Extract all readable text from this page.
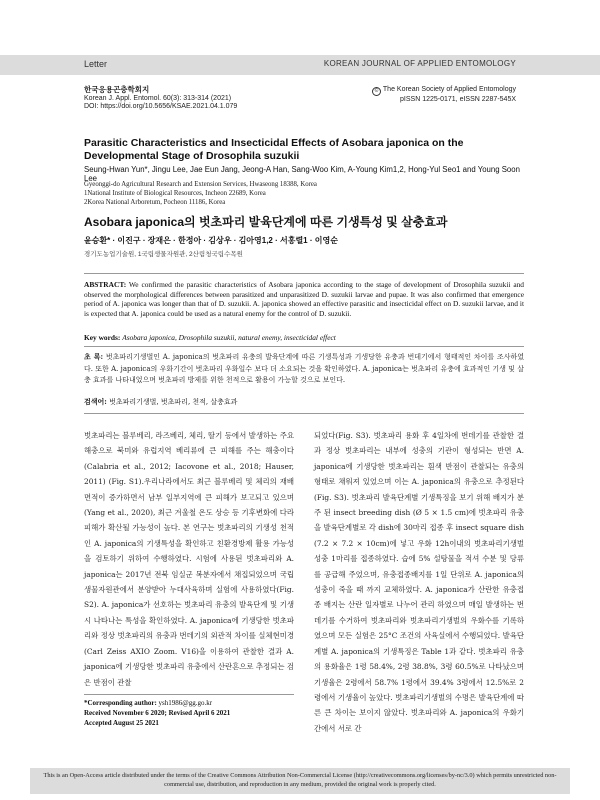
Letter	KOREAN JOURNAL OF APPLIED ENTOMOLOGY
한국응용곤충학회지
Korean J. Appl. Entomol. 60(3): 313-314 (2021)
DOI: https://doi.org/10.5656/KSAE.2021.04.1.079
© The Korean Society of Applied Entomology
pISSN 1225-0171, eISSN 2287-545X
Parasitic Characteristics and Insecticidal Effects of Asobara japonica on the Developmental Stage of Drosophila suzukii
Seung-Hwan Yun*, Jingu Lee, Jae Eun Jang, Jeong-A Han, Sang-Woo Kim, A-Young Kim1,2, Hong-Yul Seo1 and Young Soon Lee
Gyeonggi-do Agricultural Research and Extension Services, Hwaseong 18388, Korea
1National Institute of Biological Resources, Incheon 22689, Korea
2Korea National Arboretum, Pocheon 11186, Korea
Asobara japonica의 벗초파리 발육단계에 따른 기생특성 및 살충효과
윤승환* · 이진구 · 장재은 · 한정아 · 김상우 · 김아영1,2 · 서홍렬1 · 이영순
경기도농업기술원, 1국립생물자원관, 2산림청국립수목원
ABSTRACT: We confirmed the parasitic characteristics of Asobara japonica according to the stage of development of Drosophila suzukii and observed the morphological differences between parasitized and unparasitized D. suzukii larvae and pupae. It was also confirmed that emergence period of A. japonica was longer than that of D. suzukii. A. japonica showed an effective parasitic and insecticidal effect on D. suzukii larvae, and it is expected that A. japonica could be used as a natural enemy for the control of D. suzukii.
Key words: Asobara japonica, Drosophila suzukii, natural enemy, insecticidal effect
초 록: 벗초파리기생벌인 A. japonica의 벗초파리 유충의 발육단계에 따른 기생특성과 기생당한 유충과 번데기에서 형태적인 차이를 조사하였다. 또한 A. japonica의 우화기간이 벗초파리 우화일수 보다 더 소요되는 것을 확인하였다. A. japonica는 벗초파리 유충에 효과적인 기생 및 살충 효과를 나타내었으며 벗초파리 방제를 위한 천적으로 활용이 가능할 것으로 보인다.
검색어: 벗초파리기생벌, 벗초파리, 천적, 살충효과
벗초파리는 블루베리, 라즈베리, 체리, 딸기 등에서 발생하는 주요 해충으로 북미와 유럽지역 베리류에 큰 피해를 주는 해충이다(Calabria et al., 2012; Iacovone et al., 2018; Hauser, 2011) (Fig. S1).우리나라에서도 최근 블루베리 및 체리의 재배면적이 증가하면서 남부 일부지역에 큰 피해가 보고되고 있으며(Yang et al., 2020), 최근 겨울철 온도 상승 등 기후변화에 다라 피해가 확산될 가능성이 높다. 본 연구는 벗초파리의 기생성 천적인 A. japonica의 기생특성을 확인하고 친환경방제 활용 가능성을 검토하기 위하여 수행하였다. 시험에 사용된 벗초파리와 A. japonica는 2017년 전북 임실군 복분자에서 채집되었으며 국립생물자원관에서 분양받아 누대사육하며 실험에 사용하였다(Fig. S2). A. japonica가 선호하는 벗초파리 유충의 발육단계 및 기생 시 나타나는 특성을 확인하였다. A. japonica에 기생당한 벗초파리와 정상 벗초파리의 유충과 번데기의 외관적 차이를 실체현미경(Carl Zeiss AXIO Zoom. V16)을 이용하여 관찰한 결과 A. japonica에 기생당한 벗초파리 유충에서 산란흔으로 추정되는 검은 반점이 관찰
되었다(Fig. S3). 벗초파리 용화 후 4일차에 번데기를 관찰한 결과 정상 벗초파리는 내부에 성충의 기관이 형성되는 반면 A. japonica에 기생당한 벗초파리는 흰색 반점이 관찰되는 유충의 형태로 채워져 있었으며 이는 A. japonica의 유충으로 추정된다(Fig. S3). 벗초파리 발육단계별 기생특징을 보기 위해 배지가 분주 된 insect breeding dish (Ø 5 × 1.5 cm)에 벗초파리 유충을 발육단계별로 각 dish에 30마리 접종 후 insect square dish (7.2 × 7.2 × 10cm)에 넣고 우화 12h이내의 벗초파리기생벌 성충 1마리를 접종하였다. 습에 5% 설탕물을 적셔 수분 및 당류를 공급해 주었으며, 유충접종배지를 1일 단위로 A. japonica의 성충이 죽을 때 까지 교체하였다. A. japonica가 산란한 유충접종 배지는 산란 일자별로 나누어 관리 하였으며 매일 발생하는 번데기를 수거하여 벗초파리와 벗초파리기생벌의 우화수를 기록하였으며 모든 실험은 25°C 조건의 사육실에서 수행되었다. 발육단계별 A. japonica의 기생특징은 Table 1과 같다. 벗초파리 유충의 용화율은 1령 58.4%, 2령 38.8%, 3령 60.5%로 나타났으며 기생율은 2령에서 58.7% 1령에서 39.4% 3령에서 12.5%로 2령에서 기생율이 높았다. 벗초파리기생벌의 수명은 발육단계에 따른 큰 차이는 보이지 않았다. 벗초파리와 A. japonica의 우화기간에서 서로 간
*Corresponding author: ysh1986@gg.go.kr
Received November 6 2020; Revised April 6 2021
Accepted August 25 2021
This is an Open-Access article distributed under the terms of the Creative Commons Attribution Non-Commercial License (http://creativecommons.org/licenses/by-nc/3.0) which permits unrestricted non-commercial use, distribution, and reproduction in any medium, provided the original work is properly cited.
